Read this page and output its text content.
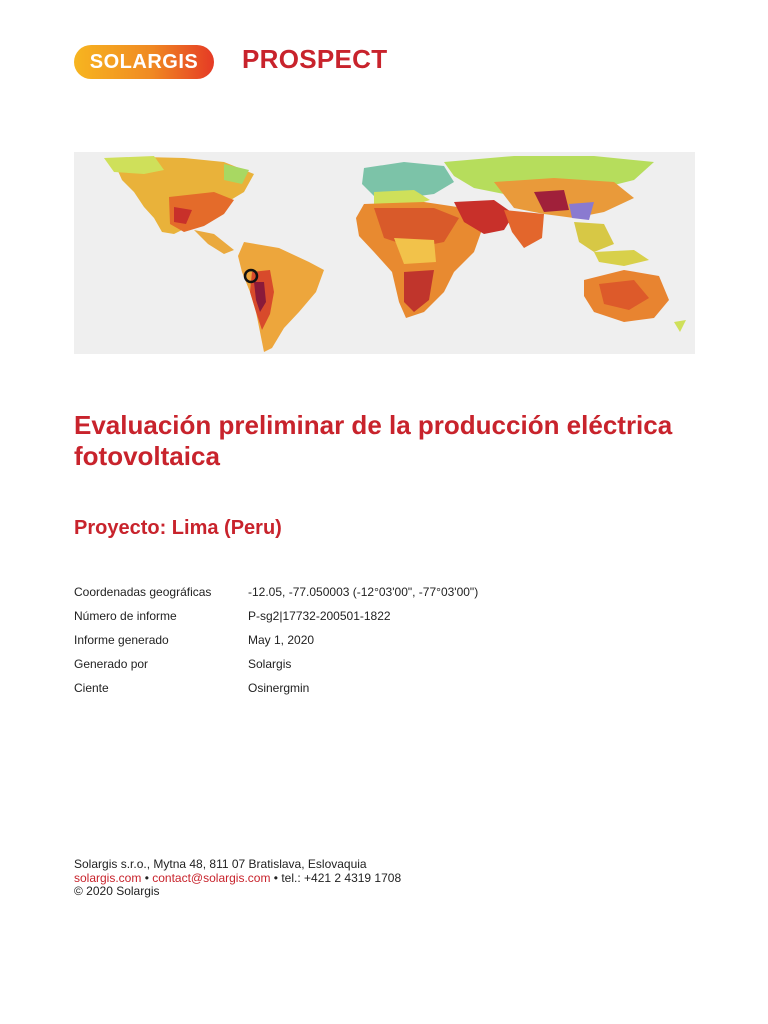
SOLARGIS	PROSPECT
Evaluación preliminar de la producción eléctrica fotovoltaica
Proyecto: Lima (Peru)
Coordenadas geográficas	-12.05, -77.050003 (-12°03'00", -77°03'00")
Número de informe	P-sg2|17732-200501-1822
Informe generado	May 1, 2020
Generado por	Solargis
Ciente	Osinergmin
Solargis s.r.o., Mytna 48, 811 07 Bratislava, Eslovaquia
solargis.com • contact@solargis.com • tel.: +421 2 4319 1708
© 2020 Solargis
